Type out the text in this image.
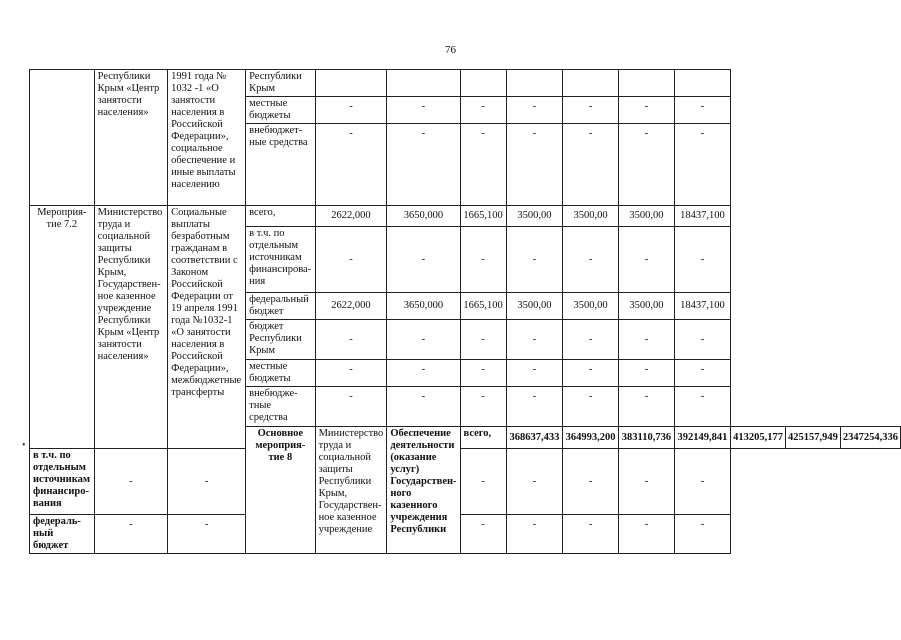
76
•
	Республики Крым «Центр занятости населения»	1991 года № 1032 -1 «О занятости населения в Российской Федерации», социальное обеспечение и иные выплаты населению	Республики Крым										
			местные бюджеты	-	-	-	-	-	-	-			
			внебюджет-ные средства	-	-	-	-	-	-	-			
Мероприя-тие 7.2	Министерство труда и социальной защиты Республики Крым, Государствен-ное казенное учреждение Республики Крым «Центр занятости населения»	Социальные выплаты безработным гражданам в соответствии с Законом Российской Федерации от 19 апреля 1991 года №1032-1 «О занятости населения в Российской Федерации», межбюджетные трансферты	всего,	2622,000	3650,000	1665,100	3500,00	3500,00	3500,00	18437,100			
			в т.ч. по отдельным источникам финансирова-ния	-	-	-	-	-	-	-			
			федеральный бюджет	2622,000	3650,000	1665,100	3500,00	3500,00	3500,00	18437,100			
			бюджет Республики Крым	-	-	-	-	-	-	-			
			местные бюджеты	-	-	-	-	-	-	-			
			внебюдже-тные средства	-	-	-	-	-	-	-			
			Основное мероприя-тие 8	Министерство труда и социальной защиты Республики Крым, Государствен-ное казенное учреждение	Обеспечение деятельности (оказание услуг) Государствен-ного казенного учреждения Республики	всего,	368637,433	364993,200	383110,736	392149,841	413205,177	425157,949	2347254,336
в т.ч. по отдельным источникам финансиро-вания	-	-				-	-	-	-	-			
федераль-ный бюджет	-	-				-	-	-	-	-			
